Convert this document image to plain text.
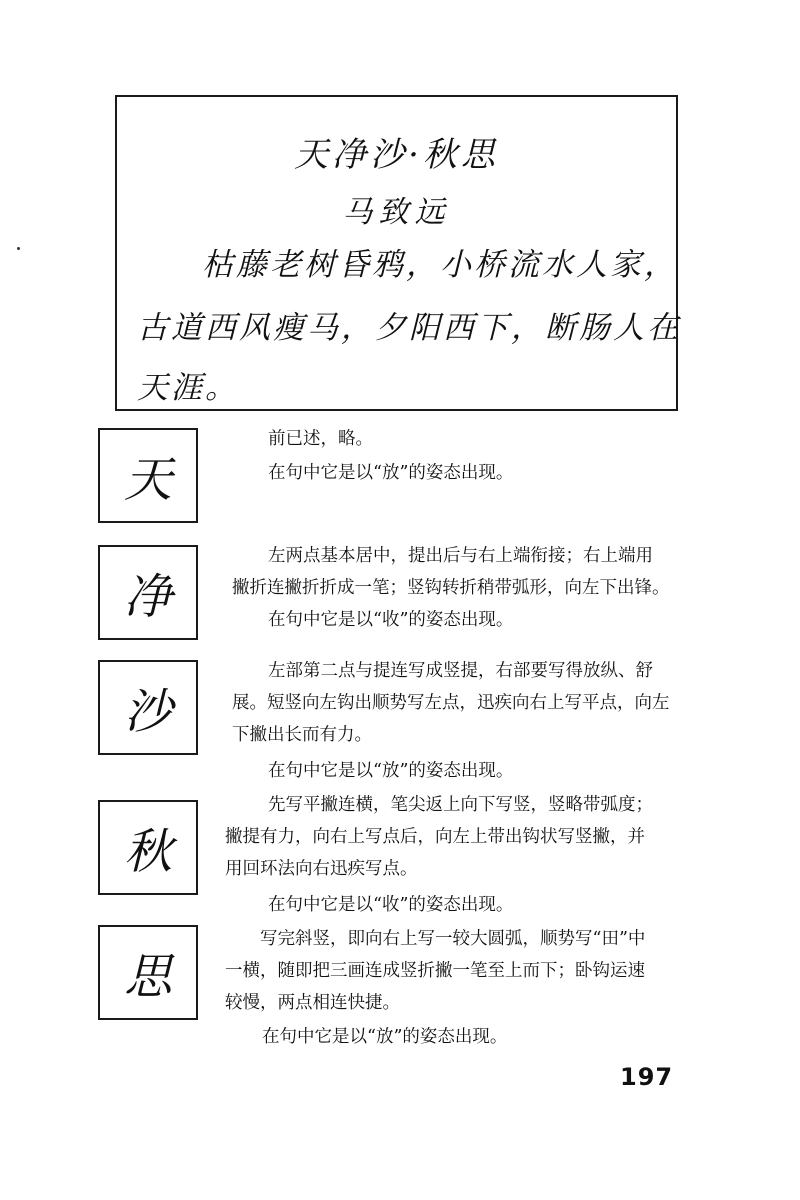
天净沙·秋思
马致远
枯藤老树昏鸦，小桥流水人家，
古道西风瘦马，夕阳西下，断肠人在
天涯。
天
前已述，略。
在句中它是以“放”的姿态出现。
净
左两点基本居中，提出后与右上端衔接；右上端用
撇折连撇折折成一笔；竖钩转折稍带弧形，向左下出锋。
在句中它是以“收”的姿态出现。
沙
左部第二点与提连写成竖提，右部要写得放纵、舒
展。短竖向左钩出顺势写左点，迅疾向右上写平点，向左
下撇出长而有力。
在句中它是以“放”的姿态出现。
秋
先写平撇连横，笔尖返上向下写竖，竖略带弧度；
撇提有力，向右上写点后，向左上带出钩状写竖撇，并
用回环法向右迅疾写点。
在句中它是以“收”的姿态出现。
思
写完斜竖，即向右上写一较大圆弧，顺势写“田”中
一横，随即把三画连成竖折撇一笔至上而下；卧钩运速
较慢，两点相连快捷。
在句中它是以“放”的姿态出现。
197
